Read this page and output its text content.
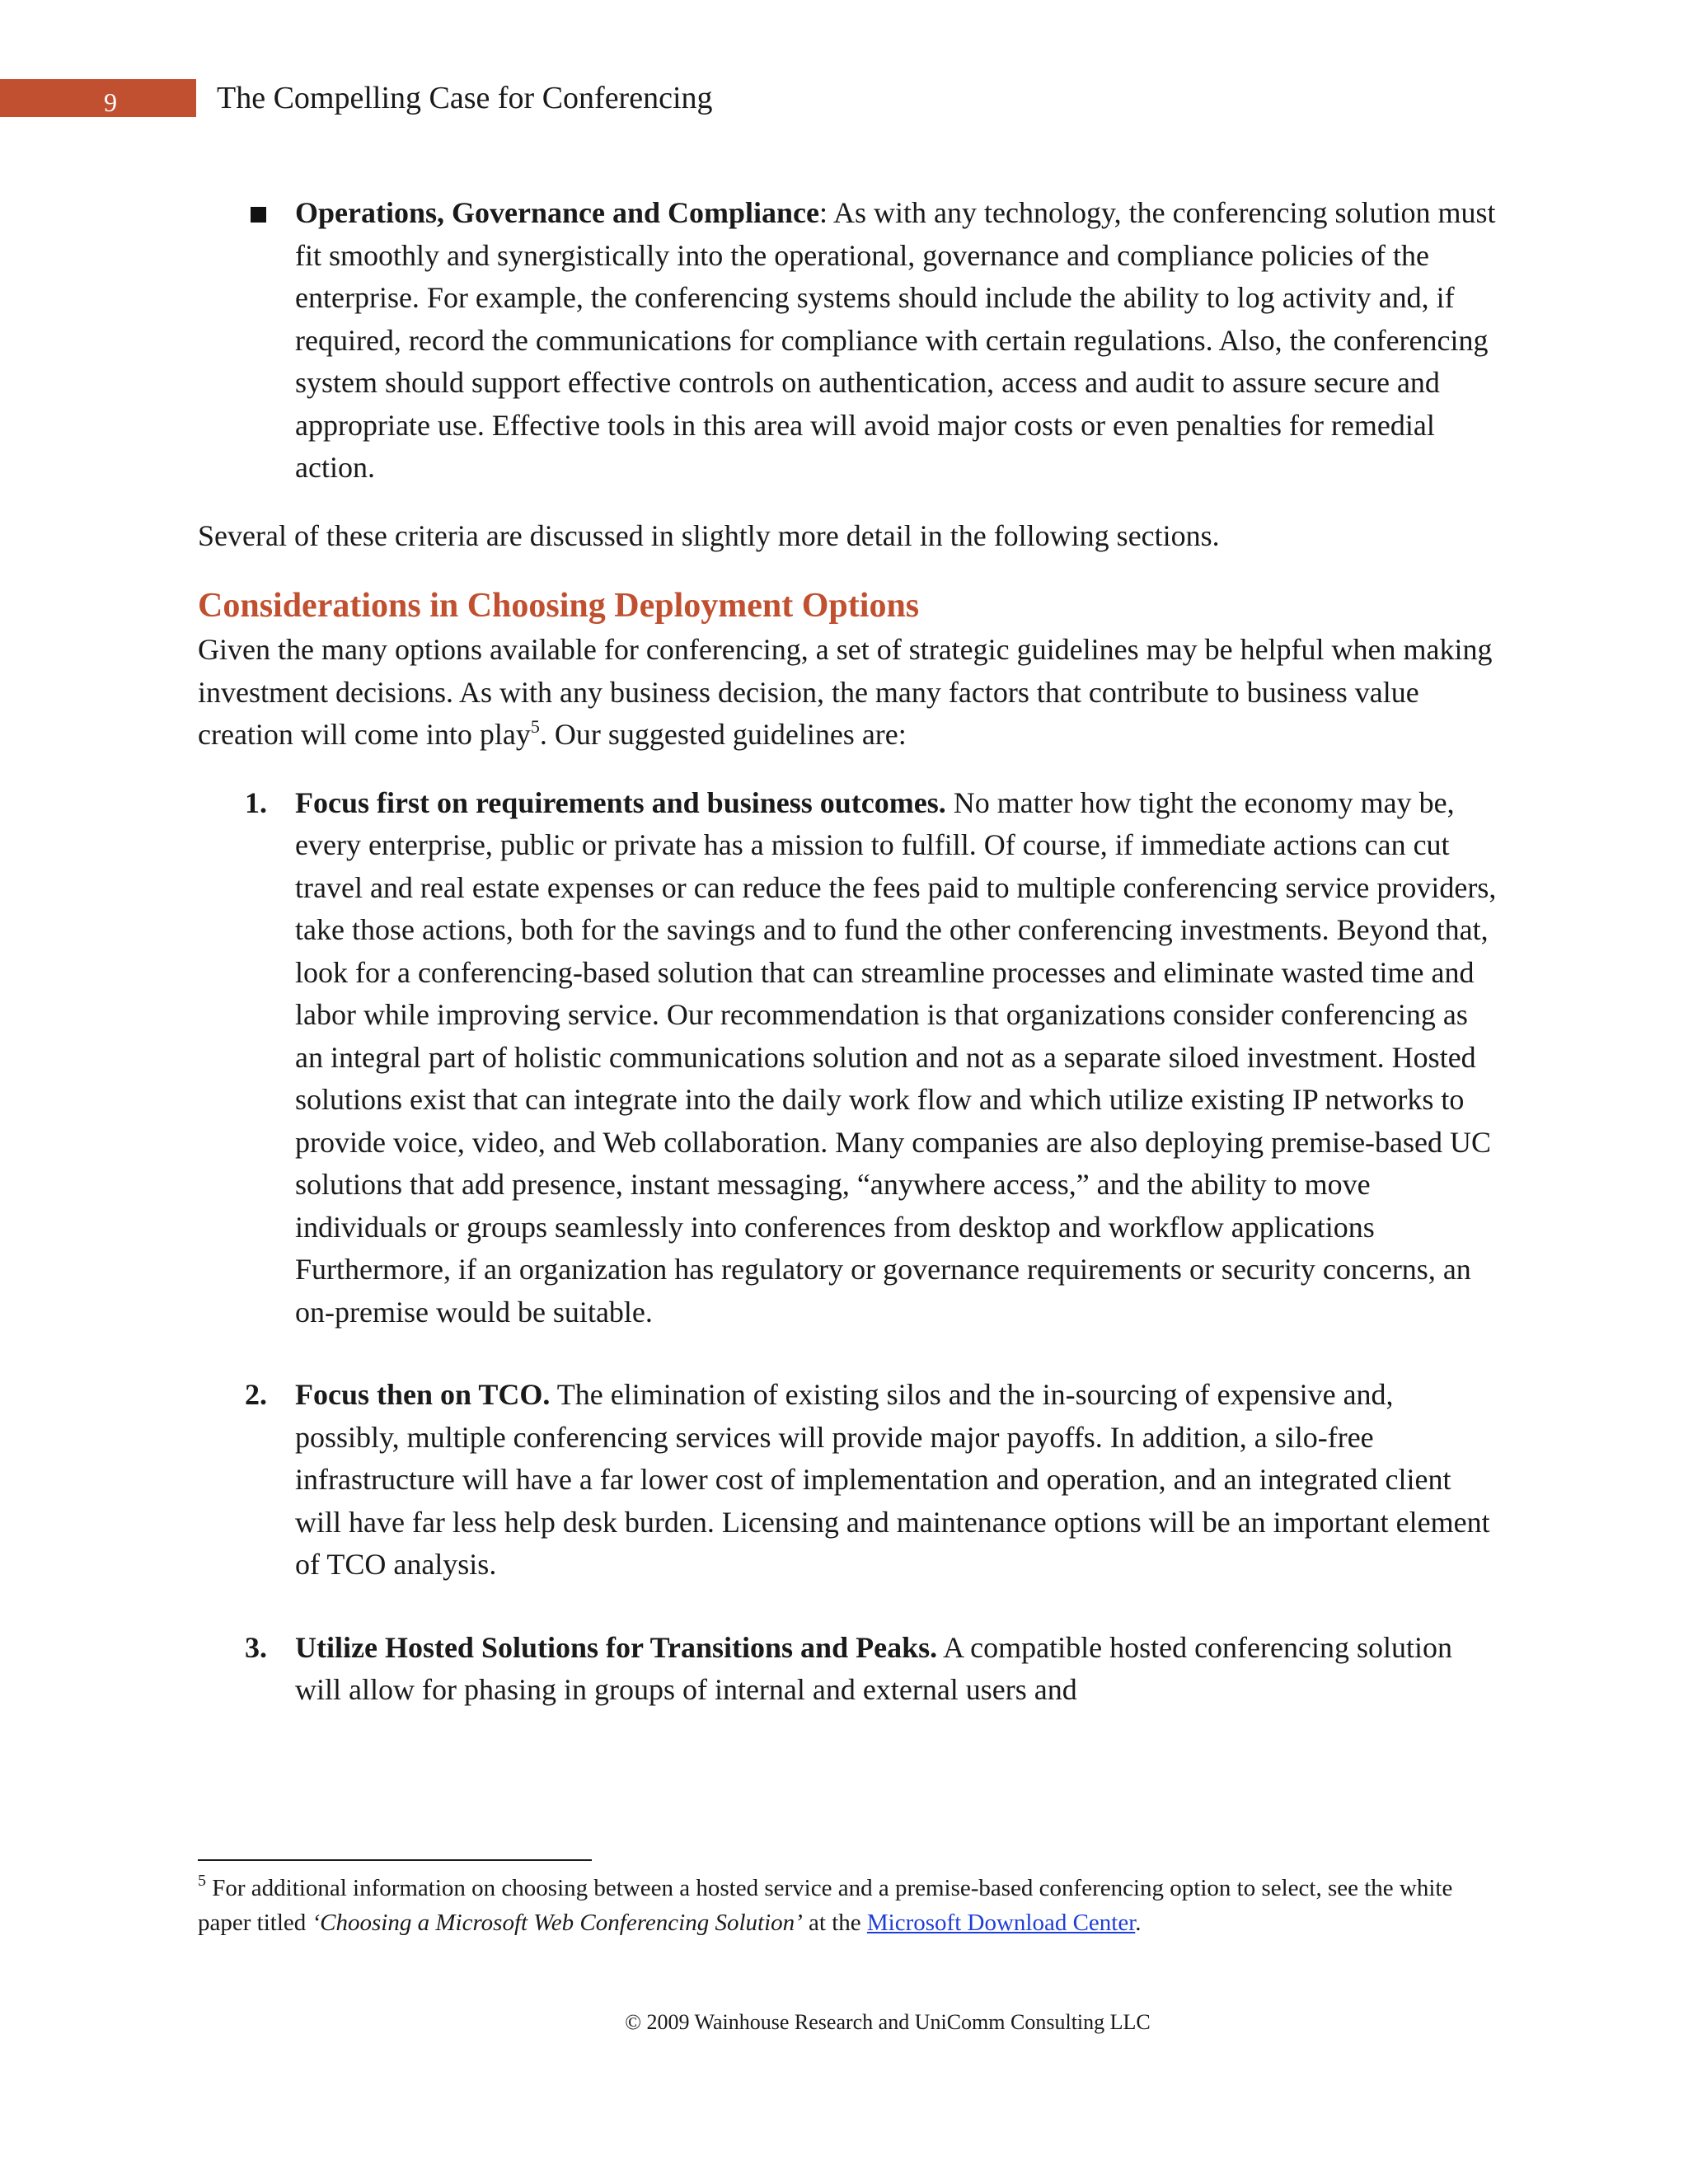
9	The Compelling Case for Conferencing

Operations, Governance and Compliance: As with any technology, the conferencing solution must fit smoothly and synergistically into the operational, governance and compliance policies of the enterprise. For example, the conferencing systems should include the ability to log activity and, if required, record the communications for compliance with certain regulations. Also, the conferencing system should support effective controls on authentication, access and audit to assure secure and appropriate use. Effective tools in this area will avoid major costs or even penalties for remedial action.

Several of these criteria are discussed in slightly more detail in the following sections.

Considerations in Choosing Deployment Options

Given the many options available for conferencing, a set of strategic guidelines may be helpful when making investment decisions. As with any business decision, the many factors that contribute to business value creation will come into play$^5$. Our suggested guidelines are:

1. Focus first on requirements and business outcomes. No matter how tight the economy may be, every enterprise, public or private has a mission to fulfill. Of course, if immediate actions can cut travel and real estate expenses or can reduce the fees paid to multiple conferencing service providers, take those actions, both for the savings and to fund the other conferencing investments. Beyond that, look for a conferencing-based solution that can streamline processes and eliminate wasted time and labor while improving service. Our recommendation is that organizations consider conferencing as an integral part of holistic communications solution and not as a separate siloed investment. Hosted solutions exist that can integrate into the daily work flow and which utilize existing IP networks to provide voice, video, and Web collaboration. Many companies are also deploying premise-based UC solutions that add presence, instant messaging, “anywhere access,” and the ability to move individuals or groups seamlessly into conferences from desktop and workflow applications Furthermore, if an organization has regulatory or governance requirements or security concerns, an on-premise would be suitable.

2. Focus then on TCO. The elimination of existing silos and the in-sourcing of expensive and, possibly, multiple conferencing services will provide major payoffs. In addition, a silo-free infrastructure will have a far lower cost of implementation and operation, and an integrated client will have far less help desk burden. Licensing and maintenance options will be an important element of TCO analysis.

3. Utilize Hosted Solutions for Transitions and Peaks. A compatible hosted conferencing solution will allow for phasing in groups of internal and external users and

$^5$ For additional information on choosing between a hosted service and a premise-based conferencing option to select, see the white paper titled ‘Choosing a Microsoft Web Conferencing Solution’ at the Microsoft Download Center.
© 2009 Wainhouse Research and UniComm Consulting LLC
